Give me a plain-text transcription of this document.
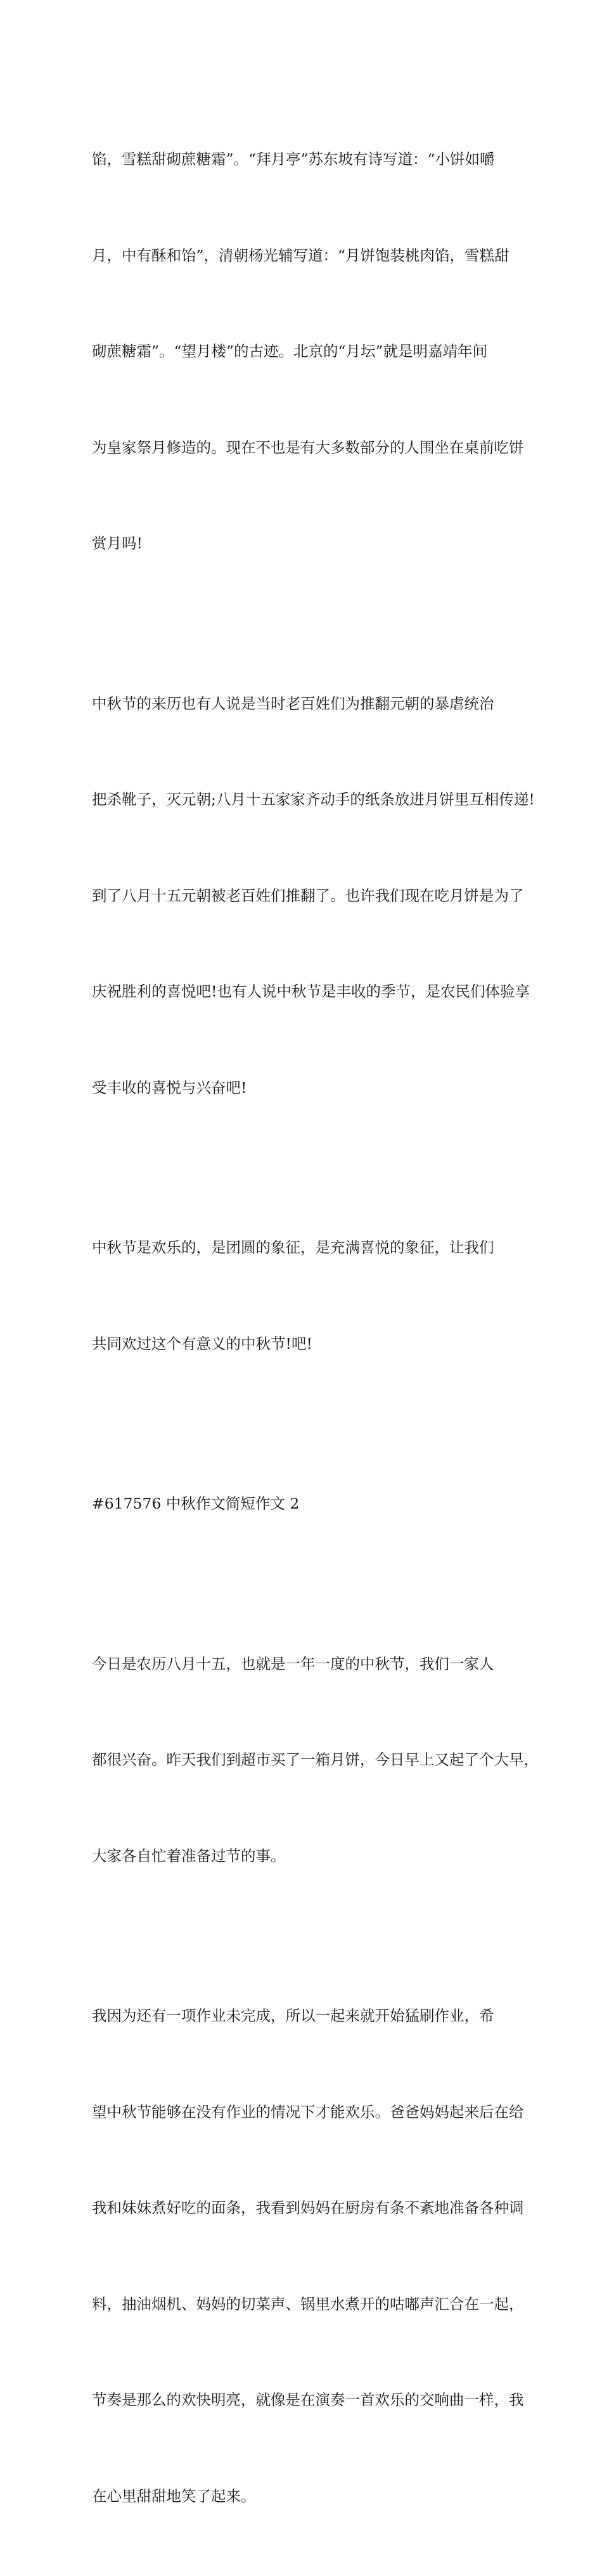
馅，雪糕甜砌蔗糖霜”。“拜月亭”苏东坡有诗写道：“小饼如嚼

月，中有酥和饴”，清朝杨光辅写道：“月饼饱装桃肉馅，雪糕甜

砌蔗糖霜”。“望月楼”的古迹。北京的“月坛”就是明嘉靖年间

为皇家祭月修造的。现在不也是有大多数部分的人围坐在桌前吃饼

赏月吗!

中秋节的来历也有人说是当时老百姓们为推翻元朝的暴虐统治

把杀靴子，灭元朝;八月十五家家齐动手的纸条放进月饼里互相传递!

到了八月十五元朝被老百姓们推翻了。也许我们现在吃月饼是为了

庆祝胜利的喜悦吧!也有人说中秋节是丰收的季节，是农民们体验享

受丰收的喜悦与兴奋吧!

中秋节是欢乐的，是团圆的象征，是充满喜悦的象征，让我们

共同欢过这个有意义的中秋节!吧!

#617576 中秋作文简短作文 2

今日是农历八月十五，也就是一年一度的中秋节，我们一家人

都很兴奋。昨天我们到超市买了一箱月饼，今日早上又起了个大早，

大家各自忙着准备过节的事。

我因为还有一项作业未完成，所以一起来就开始猛刷作业，希

望中秋节能够在没有作业的情况下才能欢乐。爸爸妈妈起来后在给

我和妹妹煮好吃的面条，我看到妈妈在厨房有条不紊地准备各种调

料，抽油烟机、妈妈的切菜声、锅里水煮开的咕嘟声汇合在一起，

节奏是那么的欢快明亮，就像是在演奏一首欢乐的交响曲一样，我

在心里甜甜地笑了起来。
